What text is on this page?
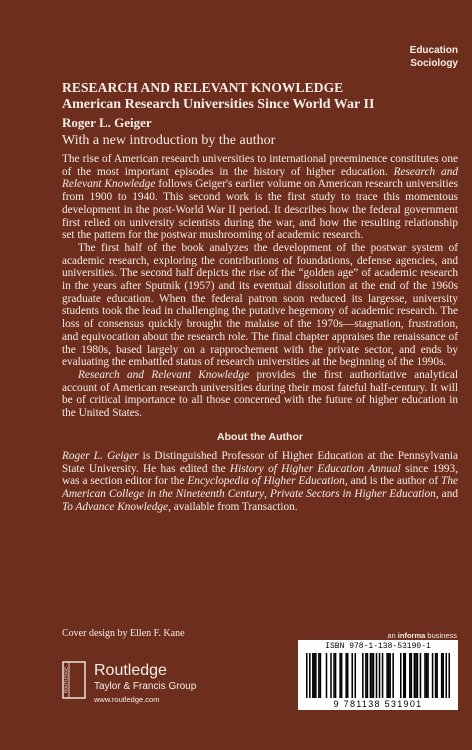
Education
Sociology
RESEARCH AND RELEVANT KNOWLEDGE
American Research Universities Since World War II
Roger L. Geiger
With a new introduction by the author

The rise of American research universities to international preeminence constitutes one of the most important episodes in the history of higher education. Research and Relevant Knowledge follows Geiger's earlier volume on American research universities from 1900 to 1940. This second work is the first study to trace this momentous development in the post-World War II period. It describes how the federal government first relied on university scientists during the war, and how the resulting relationship set the pattern for the postwar mushrooming of academic research.

The first half of the book analyzes the development of the postwar system of academic research, exploring the contributions of foundations, defense agencies, and universities. The second half depicts the rise of the “golden age” of academic research in the years after Sputnik (1957) and its eventual dissolution at the end of the 1960s graduate education. When the federal patron soon reduced its largesse, university students took the lead in challenging the putative hegemony of academic research. The loss of consensus quickly brought the malaise of the 1970s—stagnation, frustration, and equivocation about the research role. The final chapter appraises the renaissance of the 1980s, based largely on a rapprochement with the private sector, and ends by evaluating the embattled status of research universities at the beginning of the 1990s.

Research and Relevant Knowledge provides the first authoritative analytical account of American research universities during their most fateful half-century. It will be of critical importance to all those concerned with the future of higher education in the United States.

About the Author

Roger L. Geiger is Distinguished Professor of Higher Education at the Pennsylvania State University. He has edited the History of Higher Education Annual since 1993, was a section editor for the Encyclopedia of Higher Education, and is the author of The American College in the Nineteenth Century, Private Sectors in Higher Education, and To Advance Knowledge, available from Transaction.

Cover design by Ellen F. Kane	an informa business
ROUTLEDGE Routledge
Taylor & Francis Group
www.routledge.com
ISBN 978-1-138-53190-1
9 781138 531901
